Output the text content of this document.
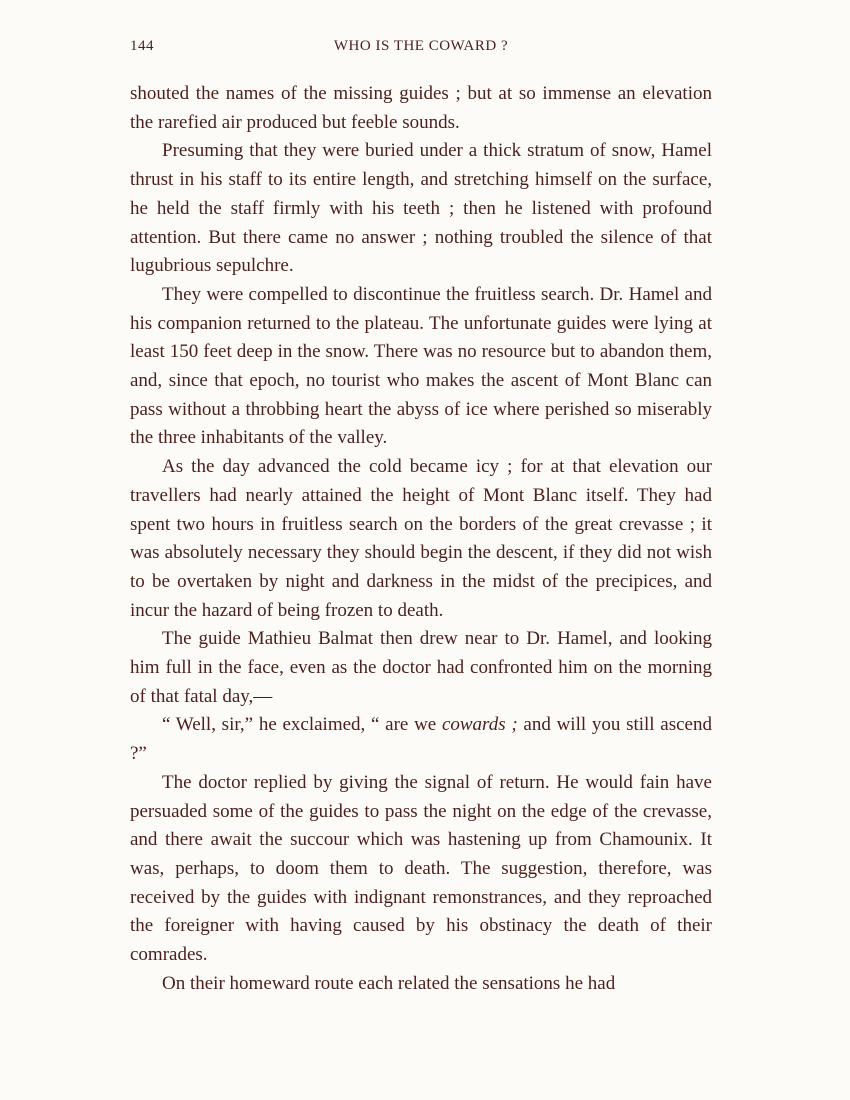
144	WHO IS THE COWARD ?

shouted the names of the missing guides ; but at so immense an elevation the rarefied air produced but feeble sounds.

Presuming that they were buried under a thick stratum of snow, Hamel thrust in his staff to its entire length, and stretching himself on the surface, he held the staff firmly with his teeth ; then he listened with profound attention. But there came no answer ; nothing troubled the silence of that lugubrious sepulchre.

They were compelled to discontinue the fruitless search. Dr. Hamel and his companion returned to the plateau. The unfortunate guides were lying at least 150 feet deep in the snow. There was no resource but to abandon them, and, since that epoch, no tourist who makes the ascent of Mont Blanc can pass without a throbbing heart the abyss of ice where perished so miserably the three inhabitants of the valley.

As the day advanced the cold became icy ; for at that elevation our travellers had nearly attained the height of Mont Blanc itself. They had spent two hours in fruitless search on the borders of the great crevasse ; it was absolutely necessary they should begin the descent, if they did not wish to be overtaken by night and darkness in the midst of the precipices, and incur the hazard of being frozen to death.

The guide Mathieu Balmat then drew near to Dr. Hamel, and looking him full in the face, even as the doctor had confronted him on the morning of that fatal day,—

“ Well, sir,” he exclaimed, “ are we cowards ; and will you still ascend ?”

The doctor replied by giving the signal of return. He would fain have persuaded some of the guides to pass the night on the edge of the crevasse, and there await the succour which was hastening up from Chamounix. It was, perhaps, to doom them to death. The suggestion, therefore, was received by the guides with indignant remonstrances, and they reproached the foreigner with having caused by his obstinacy the death of their comrades.

On their homeward route each related the sensations he had
